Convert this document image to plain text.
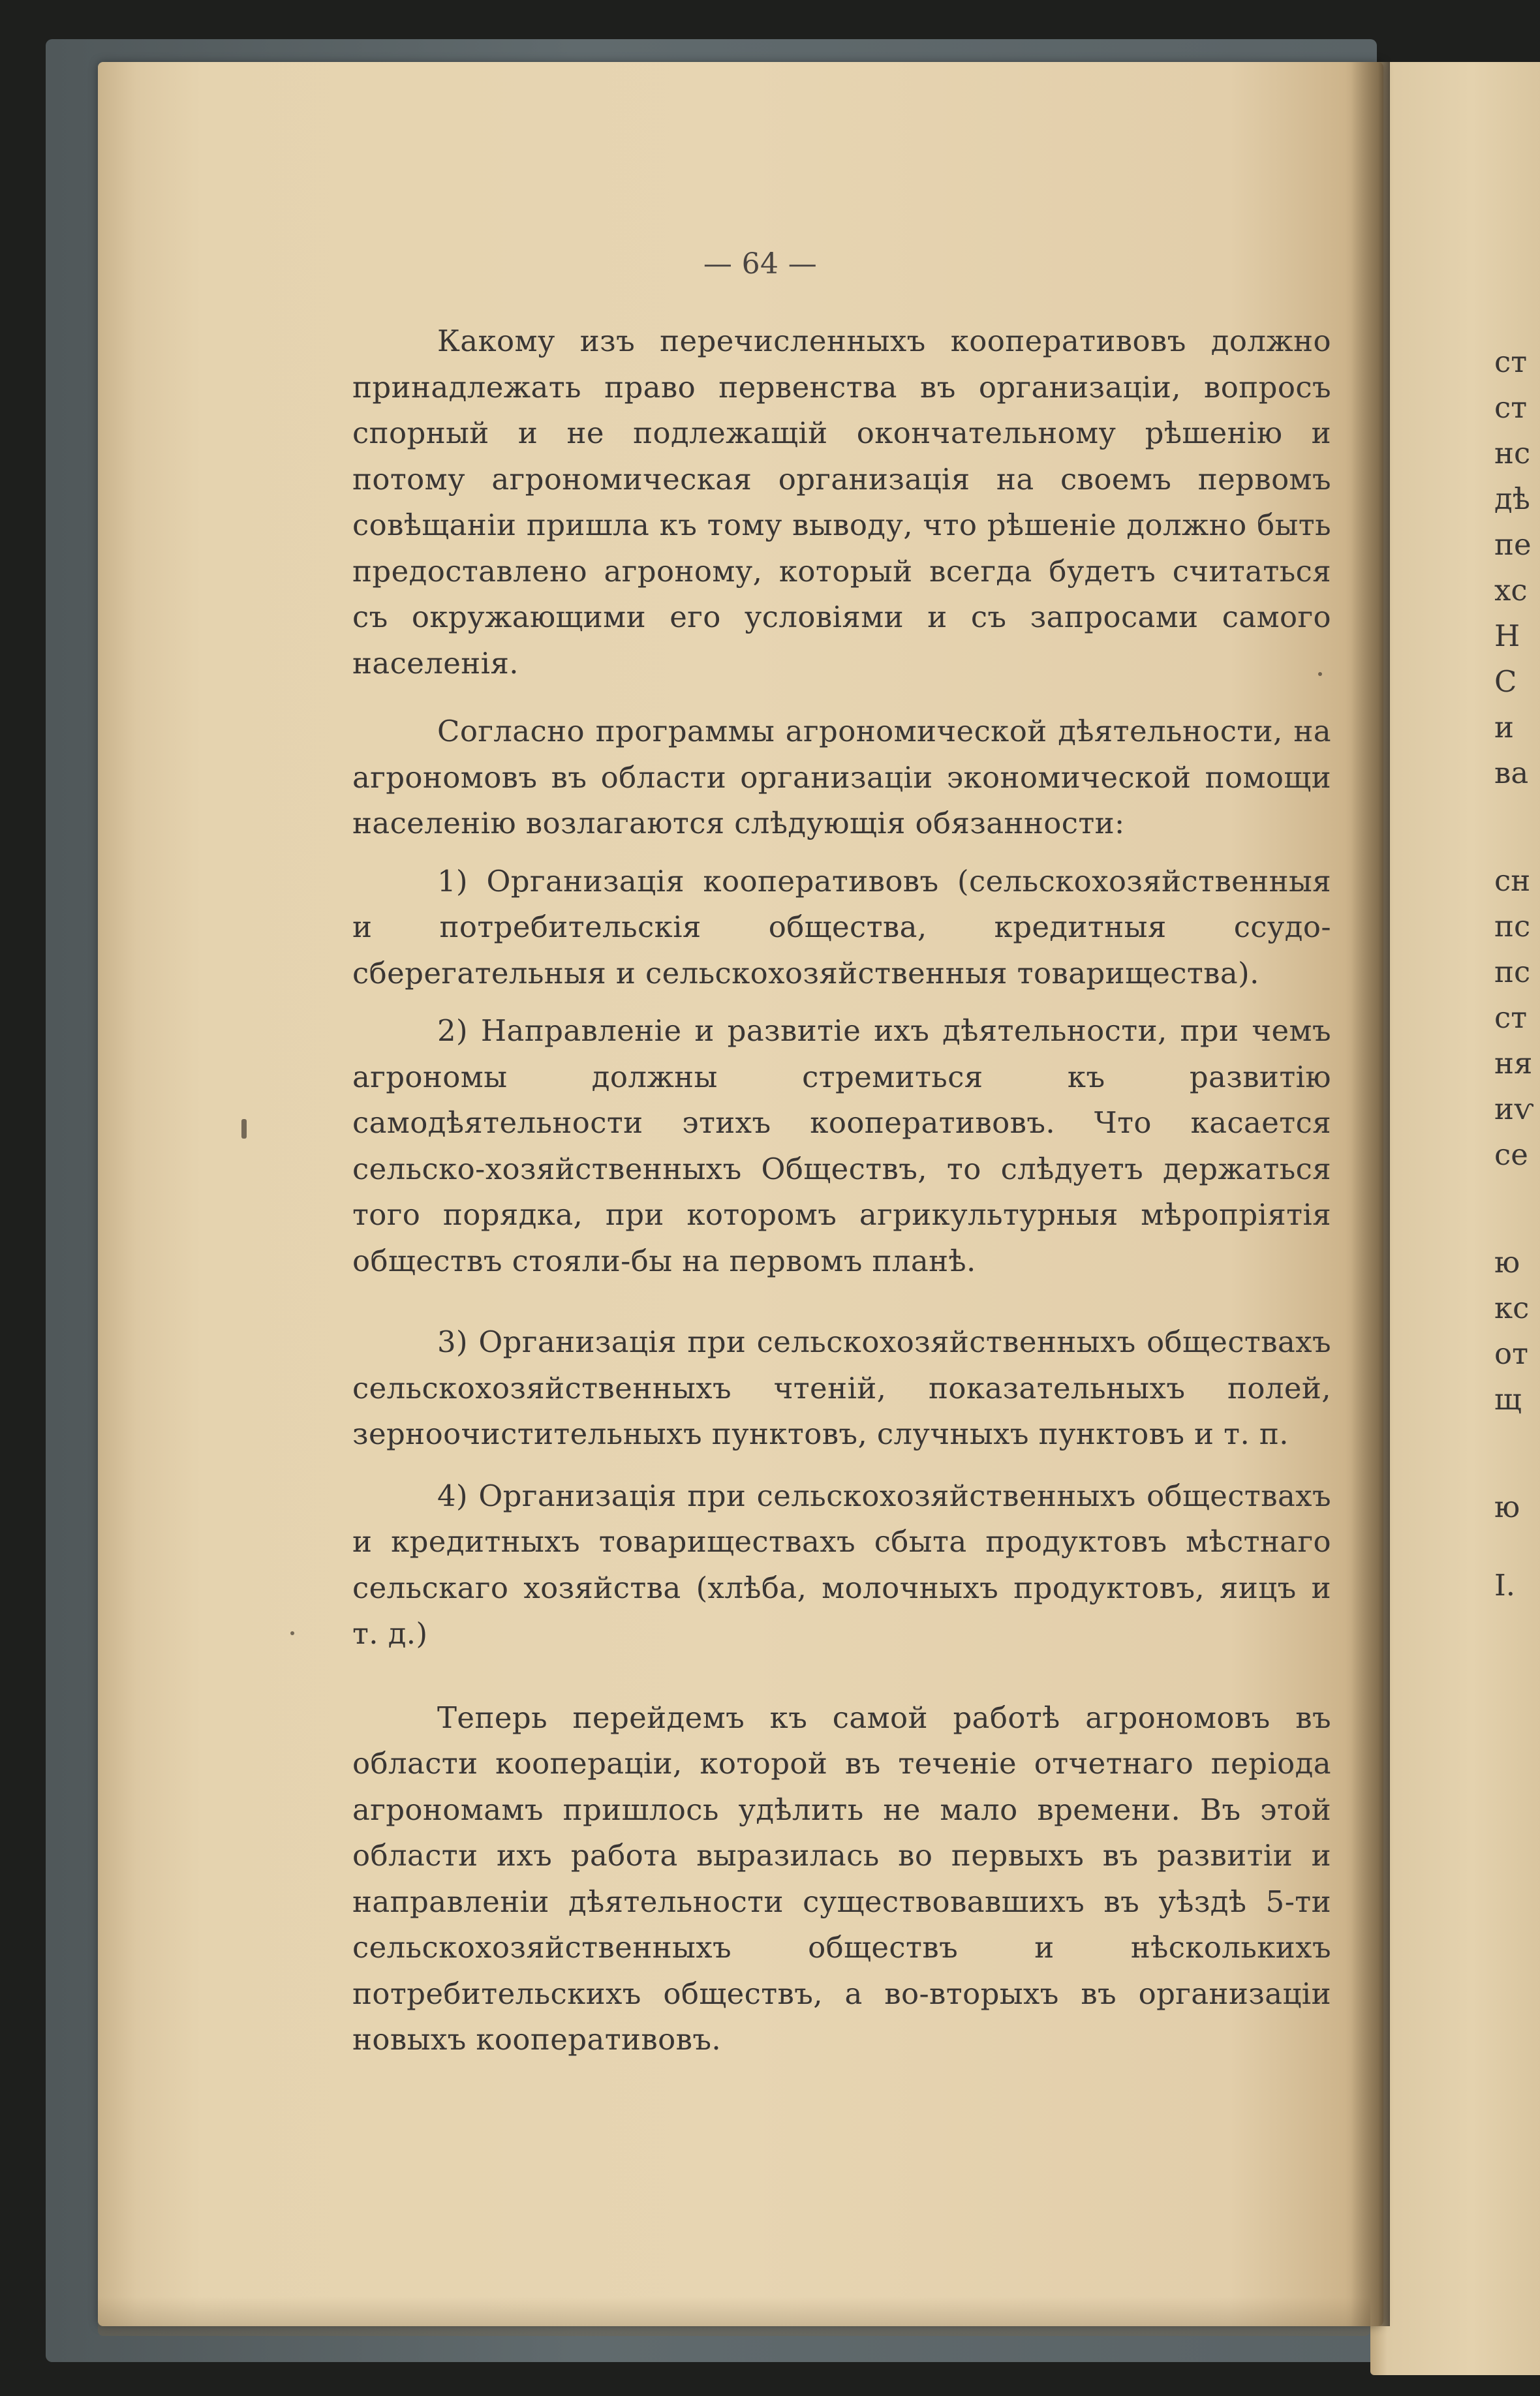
— 64 —

Какому изъ перечисленныхъ кооперативовъ должно принадлежать право первенства въ организацiи, вопросъ спорный и не подлежащiй окончательному рѣшенiю и потому агрономическая организацiя на своемъ первомъ совѣщанiи пришла къ тому выводу, что рѣшенiе должно быть предоставлено агроному, который всегда будетъ считаться съ окружающими его условiями и съ запросами самого населенiя.

Согласно программы агрономической дѣятельности, на агрономовъ въ области организацiи экономической помощи населенiю возлагаются слѣдующiя обязанности:

1) Организацiя кооперативовъ (сельскохозяйственныя и потребительскiя общества, кредитныя ссудо-сберегательныя и сельскохозяйственныя товарищества).

2) Направленiе и развитiе ихъ дѣятельности, при чемъ агрономы должны стремиться къ развитiю самодѣятельности этихъ кооперативовъ. Что касается сельско-хозяйственныхъ Обществъ, то слѣдуетъ держаться того порядка, при которомъ агрикультурныя мѣропрiятiя обществъ стояли-бы на первомъ планѣ.

3) Организацiя при сельскохозяйственныхъ обществахъ сельскохозяйственныхъ чтенiй, показательныхъ полей, зерноочистительныхъ пунктовъ, случныхъ пунктовъ и т. п.

4) Организацiя при сельскохозяйственныхъ обществахъ и кредитныхъ товариществахъ сбыта продуктовъ мѣстнаго сельскаго хозяйства (хлѣба, молочныхъ продуктовъ, яицъ и т. д.)

Теперь перейдемъ къ самой работѣ агрономовъ въ области кооперацiи, которой въ теченiе отчетнаго перiода агрономамъ пришлось удѣлить не мало времени. Въ этой области ихъ работа выразилась во первыхъ въ развитiи и направленiи дѣятельности существовавшихъ въ уѣздѣ 5-ти сельскохозяйственныхъ обществъ и нѣсколькихъ потребительскихъ обществъ, а во-вторыхъ въ организацiи новыхъ кооперативовъ.

ст
ст
нс
дѣ
пе
хс
Н
С
и
ва
сн
пс
пс
ст
ня
иѵ
се
ю
кс
от
щ
ю
I.
